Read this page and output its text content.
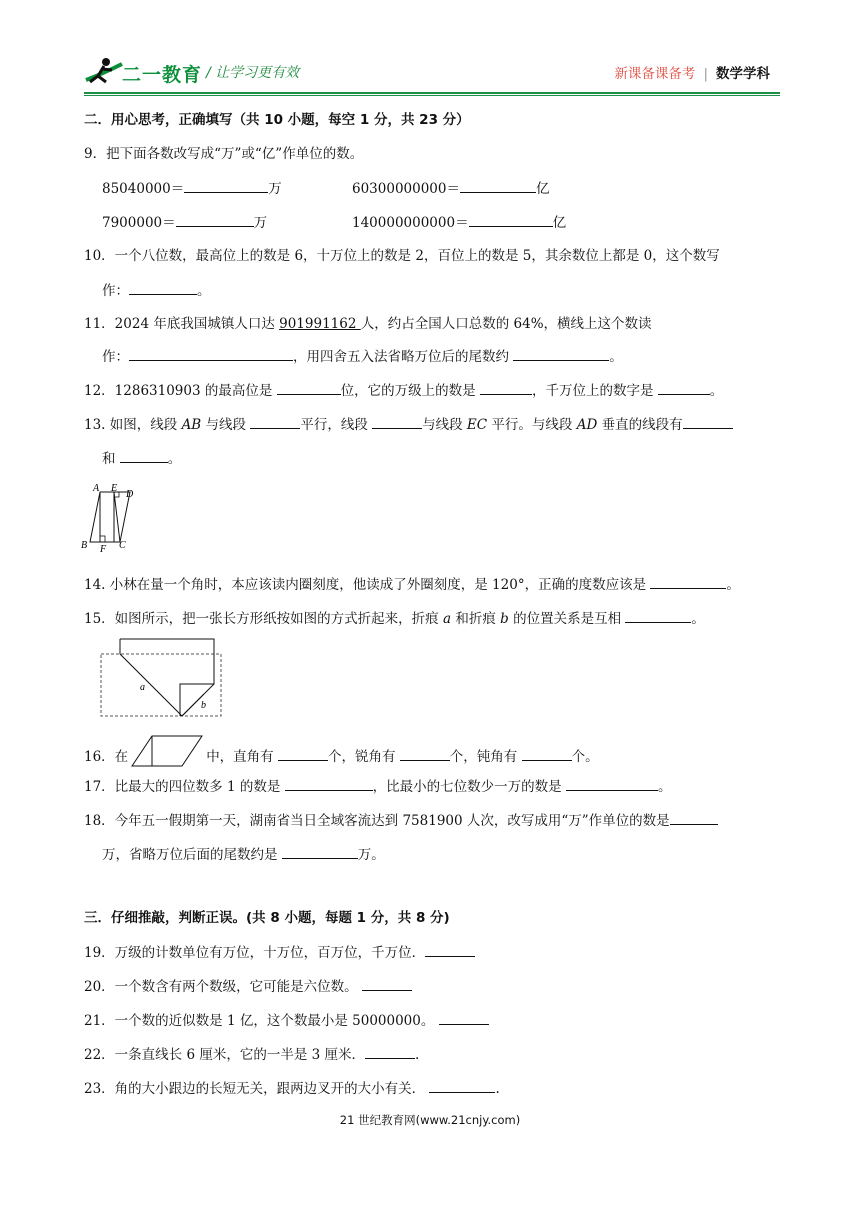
二一教育 / 让学习更有效	新课备课备考 | 数学学科
二．用心思考，正确填写（共 10 小题，每空 1 分，共 23 分）
9．把下面各数改写成“万”或“亿”作单位的数。
85040000＝	万	60300000000＝	亿
7900000＝	万	140000000000＝	亿
10．一个八位数，最高位上的数是 6，十万位上的数是 2，百位上的数是 5，其余数位上都是 0，这个数写
作：	。
11．2024 年底我国城镇人口达 901991162 人，约占全国人口总数的 64%，横线上这个数读
作：	，用四舍五入法省略万位后的尾数约	。
12．1286310903 的最高位是	位，它的万级上的数是	，千万位上的数字是	。
13. 如图，线段 AB 与线段	平行，线段	与线段 EC 平行。与线段 AD 垂直的线段有
和	。
A E
D
B F C
14. 小林在量一个角时，本应该读内圈刻度，他读成了外圈刻度，是 120°，正确的度数应该是	。
15．如图所示，把一张长方形纸按如图的方式折起来，折痕 a 和折痕 b 的位置关系是互相	。
a
b
16．在	中，直角有	个，锐角有	个，钝角有	个。
17．比最大的四位数多 1 的数是	，比最小的七位数少一万的数是	。
18．今年五一假期第一天，湖南省当日全域客流达到 7581900 人次，改写成用“万”作单位的数是
万，省略万位后面的尾数约是	万。
三．仔细推敲，判断正误。(共 8 小题，每题 1 分，共 8 分)
19．万级的计数单位有万位，十万位，百万位，千万位．
20．一个数含有两个数级，它可能是六位数。
21．一个数的近似数是 1 亿，这个数最小是 50000000。
22．一条直线长 6 厘米，它的一半是 3 厘米．	.
23．角的大小跟边的长短无关，跟两边叉开的大小有关．	.
21 世纪教育网(www.21cnjy.com)
